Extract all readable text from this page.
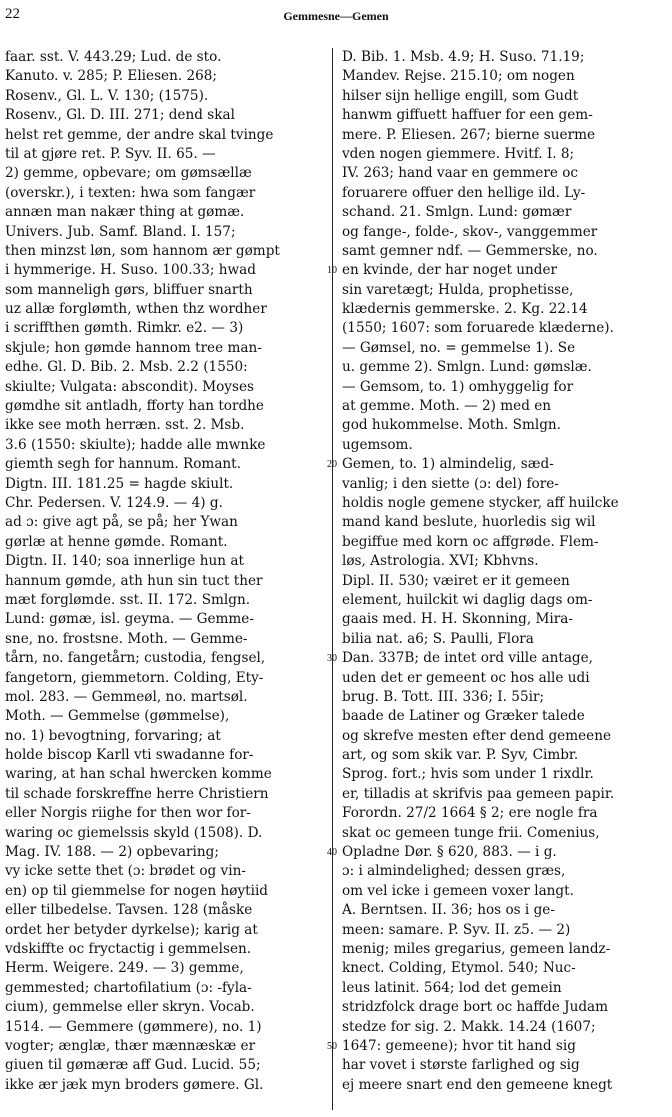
22	Gemmesne—Gemen
faar. sst. V. 443.29; Lud. de sto.
Kanuto. v. 285; P. Eliesen. 268;
Rosenv., Gl. L. V. 130; (1575).
Rosenv., Gl. D. III. 271; dend skal
helst ret gemme, der andre skal tvinge
til at gjøre ret. P. Syv. II. 65. —
2) gemme, opbevare; om gømsællæ
(overskr.), i texten: hwa som fangær
annæn man nakær thing at gømæ.
Univers. Jub. Samf. Bland. I. 157;
then minzst løn, som hannom ær gømpt
i hymmerige. H. Suso. 100.33; hwad
som manneligh gørs, bliffuer snarth
uz allæ forglømth, wthen thz wordher
i scriffthen gømth. Rimkr. e2. — 3)
skjule; hon gømde hannom tree man-
edhe. Gl. D. Bib. 2. Msb. 2.2 (1550:
skiulte; Vulgata: abscondit). Moyses
gømdhe sit antladh, fforty han tordhe
ikke see moth herræn. sst. 2. Msb.
3.6 (1550: skiulte); hadde alle mwnke
giemth segh for hannum. Romant.
Digtn. III. 181.25 = hagde skiult.
Chr. Pedersen. V. 124.9. — 4) g.
ad ɔ: give agt på, se på; her Ywan
gørlæ at henne gømde. Romant.
Digtn. II. 140; soa innerlige hun at
hannum gømde, ath hun sin tuct ther
mæt forglømde. sst. II. 172. Smlgn.
Lund: gømæ, isl. geyma. — Gemme-
sne, no. frostsne. Moth. — Gemme-
tårn, no. fangetårn; custodia, fengsel,
fangetorn, giemmetorn. Colding, Ety-
mol. 283. — Gemmeøl, no. martsøl.
Moth. — Gemmelse (gømmelse),
no. 1) bevogtning, forvaring; at
holde biscop Karll vti swadanne for-
waring, at han schal hwercken komme
til schade forskreffne herre Christiern
eller Norgis riighe for then wor for-
waring oc giemelssis skyld (1508). D.
Mag. IV. 188. — 2) opbevaring;
vy icke sette thet (ɔ: brødet og vin-
en) op til giemmelse for nogen høytiid
eller tilbedelse. Tavsen. 128 (måske
ordet her betyder dyrkelse); karig at
vdskiffte oc fryctactig i gemmelsen.
Herm. Weigere. 249. — 3) gemme,
gemmested; chartofilatium (ɔ: -fyla-
cium), gemmelse eller skryn. Vocab.
1514. — Gemmere (gømmere), no. 1)
vogter; ænglæ, thær mænnæskæ er
giuen til gømæræ aff Gud. Lucid. 55;
ikke ær jæk myn broders gømere. Gl.
10
20
30
40
50
D. Bib. 1. Msb. 4.9; H. Suso. 71.19;
Mandev. Rejse. 215.10; om nogen
hilser sijn hellige engill, som Gudt
hanwm giffuett haffuer for een gem-
mere. P. Eliesen. 267; bierne suerme
vden nogen giemmere. Hvitf. I. 8;
IV. 263; hand vaar en gemmere oc
foruarere offuer den hellige ild. Ly-
schand. 21. Smlgn. Lund: gømær
og fange-, folde-, skov-, vanggemmer
samt gemner ndf. — Gemmerske, no.
en kvinde, der har noget under
sin varetægt; Hulda, prophetisse,
klædernis gemmerske. 2. Kg. 22.14
(1550; 1607: som foruarede klæderne).
— Gømsel, no. = gemmelse 1). Se
u. gemme 2). Smlgn. Lund: gømslæ.
— Gemsom, to. 1) omhyggelig for
at gemme. Moth. — 2) med en
god hukommelse. Moth. Smlgn.
ugemsom.
Gemen, to. 1) almindelig, sæd-
vanlig; i den siette (ɔ: del) fore-
holdis nogle gemene stycker, aff huilcke
mand kand beslute, huorledis sig wil
begiffue med korn oc affgrøde. Flem-
løs, Astrologia. XVI; Kbhvns.
Dipl. II. 530; væiret er it gemeen
element, huilckit wi daglig dags om-
gaais med. H. H. Skonning, Mira-
bilia nat. a6; S. Paulli, Flora
Dan. 337B; de intet ord ville antage,
uden det er gemeent oc hos alle udi
brug. B. Tott. III. 336; I. 55ir;
baade de Latiner og Græker talede
og skrefve mesten efter dend gemeene
art, og som skik var. P. Syv, Cimbr.
Sprog. fort.; hvis som under 1 rixdlr.
er, tilladis at skrifvis paa gemeen papir.
Forordn. 27/2 1664 § 2; ere nogle fra
skat oc gemeen tunge frii. Comenius,
Opladne Dør. § 620, 883. — i g.
ɔ: i almindelighed; dessen græs,
om vel icke i gemeen voxer langt.
A. Berntsen. II. 36; hos os i ge-
meen: samare. P. Syv. II. z5. — 2)
menig; miles gregarius, gemeen landz-
knect. Colding, Etymol. 540; Nuc-
leus latinit. 564; lod det gemein
stridzfolck drage bort oc haffde Judam
stedze for sig. 2. Makk. 14.24 (1607;
1647: gemeene); hvor tit hand sig
har vovet i største farlighed og sig
ej meere snart end den gemeene knegt
